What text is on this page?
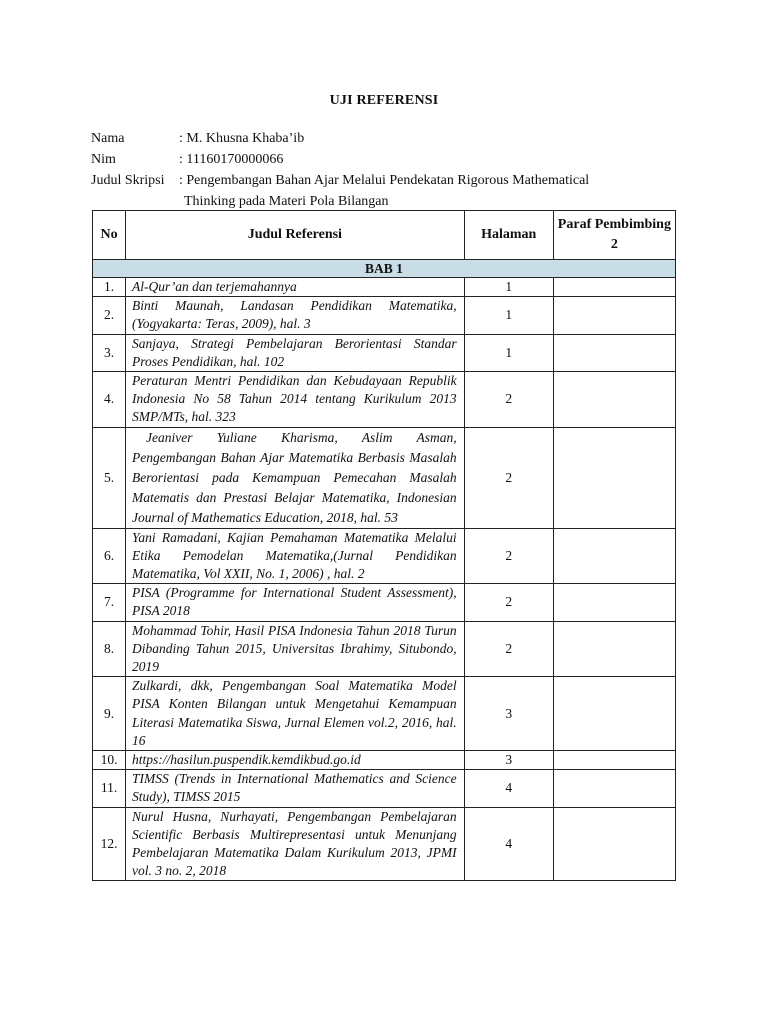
UJI REFERENSI
Nama	: M. Khusna Khaba’ib
Nim	: 11160170000066
Judul Skripsi	: Pengembangan Bahan Ajar Melalui Pendekatan Rigorous Mathematical
Thinking pada Materi Pola Bilangan
No	Judul Referensi	Halaman	Paraf Pembimbing 2
BAB 1			
1.	Al-Qur’an dan terjemahannya	1	
2.	Binti Maunah, Landasan Pendidikan Matematika, (Yogyakarta: Teras, 2009), hal. 3	1	
3.	Sanjaya, Strategi Pembelajaran Berorientasi Standar Proses Pendidikan, hal. 102	1	
4.	Peraturan Mentri Pendidikan dan Kebudayaan Republik Indonesia No 58 Tahun 2014 tentang Kurikulum 2013 SMP/MTs, hal. 323	2	
5.	Jeaniver Yuliane Kharisma, Aslim Asman, Pengembangan Bahan Ajar Matematika Berbasis Masalah Berorientasi pada Kemampuan Pemecahan Masalah Matematis dan Prestasi Belajar Matematika, Indonesian Journal of Mathematics Education, 2018, hal. 53	2	
6.	Yani Ramadani, Kajian Pemahaman Matematika Melalui Etika Pemodelan Matematika,(Jurnal Pendidikan Matematika, Vol XXII, No. 1, 2006) , hal. 2	2	
7.	PISA (Programme for International Student Assessment), PISA 2018	2	
8.	Mohammad Tohir, Hasil PISA Indonesia Tahun 2018 Turun Dibanding Tahun 2015, Universitas Ibrahimy, Situbondo, 2019	2	
9.	Zulkardi, dkk, Pengembangan Soal Matematika Model PISA Konten Bilangan untuk Mengetahui Kemampuan Literasi Matematika Siswa, Jurnal Elemen vol.2, 2016, hal. 16	3	
10.	https://hasilun.puspendik.kemdikbud.go.id	3	
11.	TIMSS (Trends in International Mathematics and Science Study), TIMSS 2015	4	
12.	Nurul Husna, Nurhayati, Pengembangan Pembelajaran Scientific Berbasis Multirepresentasi untuk Menunjang Pembelajaran Matematika Dalam Kurikulum 2013, JPMI vol. 3 no. 2, 2018	4	
